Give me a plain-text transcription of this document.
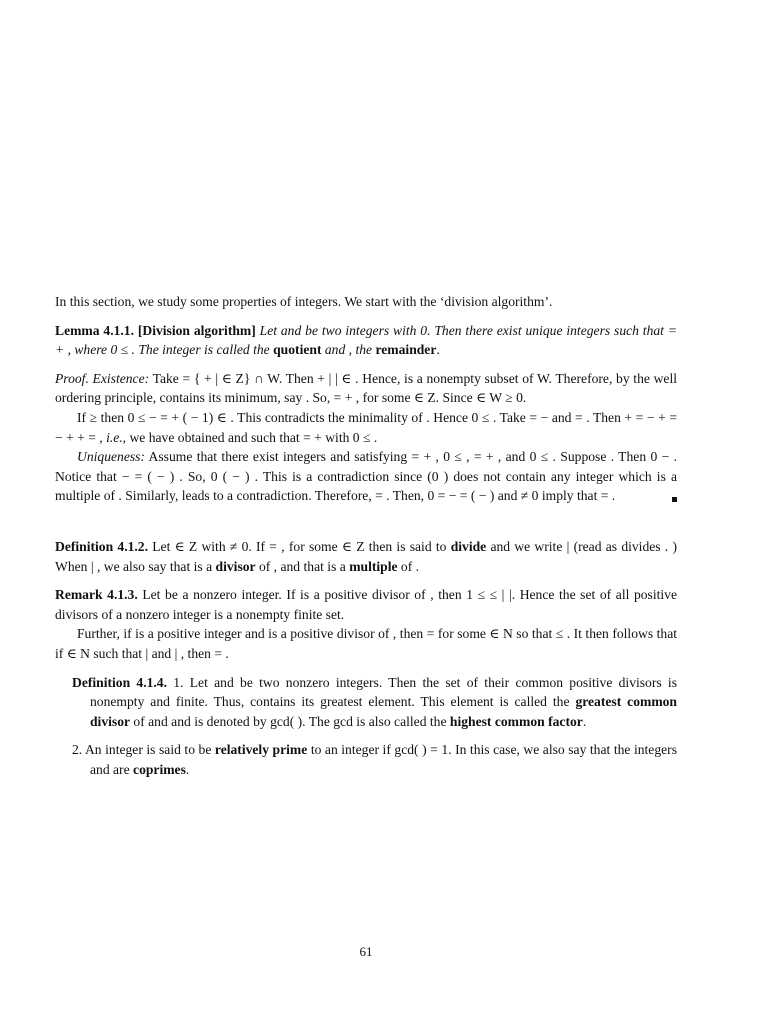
In this section, we study some properties of integers. We start with the ‘division algorithm’.

Lemma 4.1.1. [Division algorithm] Let and be two integers with 0. Then there exist unique integers such that = + , where 0 ≤ . The integer is called the quotient and , the remainder.

Proof. Existence: Take = { + | ∈ Z} ∩ W. Then + | | ∈ . Hence, is a nonempty subset of W. Therefore, by the well ordering principle, contains its minimum, say . So, = + , for some ∈ Z. Since ∈ W ≥ 0.

If ≥ then 0 ≤ − = + ( − 1) ∈ . This contradicts the minimality of . Hence 0 ≤ . Take = − and = . Then + = − + = − + + = , i.e., we have obtained and such that = + with 0 ≤ .

Uniqueness: Assume that there exist integers and satisfying = + , 0 ≤ , = + , and 0 ≤ . Suppose . Then 0 − . Notice that − = ( − ) . So, 0 ( − ) . This is a contradiction since (0 ) does not contain any integer which is a multiple of . Similarly, leads to a contradiction. Therefore, = . Then, 0 = − = ( − ) and ≠ 0 imply that = .

Definition 4.1.2. Let ∈ Z with ≠ 0. If = , for some ∈ Z then is said to divide and we write | (read as divides . ) When | , we also say that is a divisor of , and that is a multiple of .

Remark 4.1.3. Let be a nonzero integer. If is a positive divisor of , then 1 ≤ ≤ | |. Hence the set of all positive divisors of a nonzero integer is a nonempty finite set.

Further, if is a positive integer and is a positive divisor of , then = for some ∈ N so that ≤ . It then follows that if ∈ N such that | and | , then = .

Definition 4.1.4. 1. Let and be two nonzero integers. Then the set of their common positive divisors is nonempty and finite. Thus, contains its greatest element. This element is called the greatest common divisor of and and is denoted by gcd( ). The gcd is also called the highest common factor.

2. An integer is said to be relatively prime to an integer if gcd( ) = 1. In this case, we also say that the integers and are coprimes.

61
